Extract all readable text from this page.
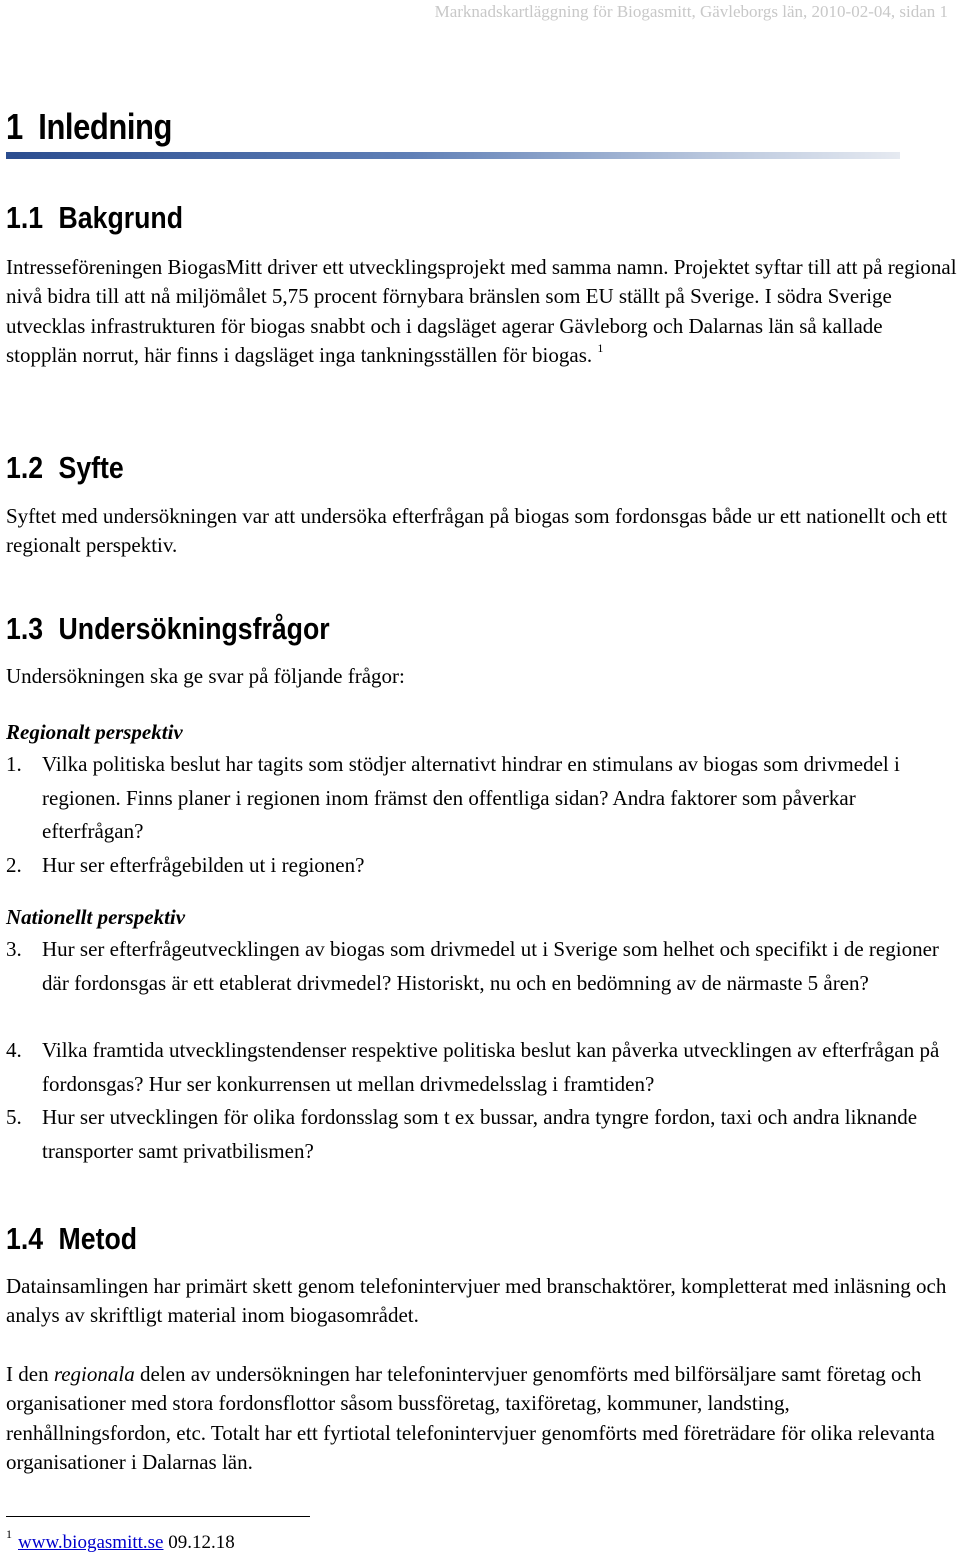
Marknadskartläggning för Biogasmitt, Gävleborgs län, 2010-02-04, sidan 1
1 Inledning
1.1 Bakgrund

Intresseföreningen BiogasMitt driver ett utvecklingsprojekt med samma namn. Projektet syftar till att på regional nivå bidra till att nå miljömålet 5,75 procent förnybara bränslen som EU ställt på Sverige. I södra Sverige utvecklas infrastrukturen för biogas snabbt och i dagsläget agerar Gävleborg och Dalarnas län så kallade stopplän norrut, här finns i dagsläget inga tankningsställen för biogas. $^1$

1.2 Syfte

Syftet med undersökningen var att undersöka efterfrågan på biogas som fordonsgas både ur ett nationellt och ett regionalt perspektiv.

1.3 Undersökningsfrågor

Undersökningen ska ge svar på följande frågor:

Regionalt perspektiv
1. Vilka politiska beslut har tagits som stödjer alternativt hindrar en stimulans av biogas som drivmedel i regionen. Finns planer i regionen inom främst den offentliga sidan? Andra faktorer som påverkar efterfrågan?
2. Hur ser efterfrågebilden ut i regionen?
Nationellt perspektiv
3. Hur ser efterfrågeutvecklingen av biogas som drivmedel ut i Sverige som helhet och specifikt i de regioner där fordonsgas är ett etablerat drivmedel? Historiskt, nu och en bedömning av de närmaste 5 åren?
4. Vilka framtida utvecklingstendenser respektive politiska beslut kan påverka utvecklingen av efterfrågan på fordonsgas? Hur ser konkurrensen ut mellan drivmedelsslag i framtiden?
5. Hur ser utvecklingen för olika fordonsslag som t ex bussar, andra tyngre fordon, taxi och andra liknande transporter samt privatbilismen?
1.4 Metod

Datainsamlingen har primärt skett genom telefonintervjuer med branschaktörer, kompletterat med inläsning och analys av skriftligt material inom biogasområdet.

I den regionala delen av undersökningen har telefonintervjuer genomförts med bilförsäljare samt företag och organisationer med stora fordonsflottor såsom bussföretag, taxiföretag, kommuner, landsting, renhållningsfordon, etc. Totalt har ett fyrtiotal telefonintervjuer genomförts med företrädare för olika relevanta organisationer i Dalarnas län.

$^1$ www.biogasmitt.se 09.12.18
